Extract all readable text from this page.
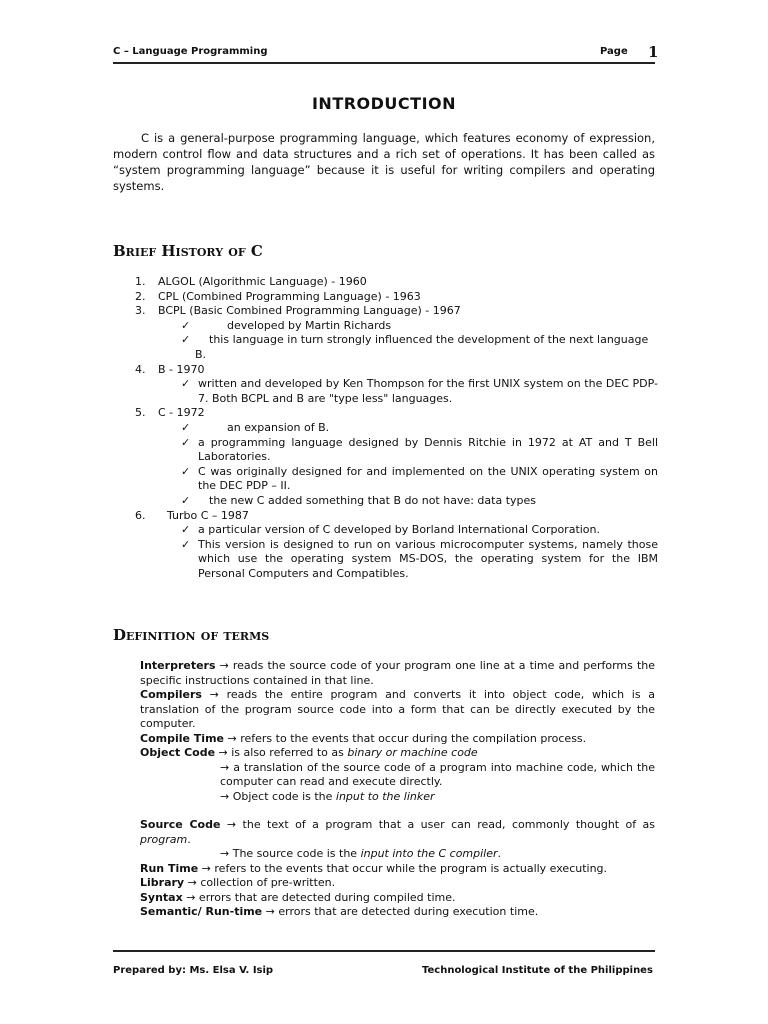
C – Language Programming	Page 1
INTRODUCTION
C is a general-purpose programming language, which features economy of expression, modern control flow and data structures and a rich set of operations. It has been called as “system programming language” because it is useful for writing compilers and operating systems.
Brief History of C
1. ALGOL (Algorithmic Language) - 1960
2. CPL (Combined Programming Language) - 1963
3. BCPL (Basic Combined Programming Language) - 1967
✓	developed by Martin Richards
✓ this language in turn strongly influenced the development of the next language
B.
4. B - 1970
✓ written and developed by Ken Thompson for the first UNIX system on the DEC PDP-7. Both BCPL and B are "type less" languages.
5. C - 1972
✓	an expansion of B.
✓ a programming language designed by Dennis Ritchie in 1972 at AT and T Bell Laboratories.
✓ C was originally designed for and implemented on the UNIX operating system on the DEC PDP – II.
✓	the new C added something that B do not have: data types
6. Turbo C – 1987
✓ a particular version of C developed by Borland International Corporation.
✓ This version is designed to run on various microcomputer systems, namely those which use the operating system MS-DOS, the operating system for the IBM Personal Computers and Compatibles.
Definition of terms
Interpreters → reads the source code of your program one line at a time and performs the specific instructions contained in that line.
Compilers → reads the entire program and converts it into object code, which is a translation of the program source code into a form that can be directly executed by the computer.
Compile Time → refers to the events that occur during the compilation process.
Object Code → is also referred to as binary or machine code
→ a translation of the source code of a program into machine code, which the computer can read and execute directly.
→ Object code is the input to the linker
Source Code → the text of a program that a user can read, commonly thought of as program.
→ The source code is the input into the C compiler.
Run Time → refers to the events that occur while the program is actually executing.
Library → collection of pre-written.
Syntax → errors that are detected during compiled time.
Semantic/ Run-time → errors that are detected during execution time.
Prepared by: Ms. Elsa V. Isip	Technological Institute of the Philippines
